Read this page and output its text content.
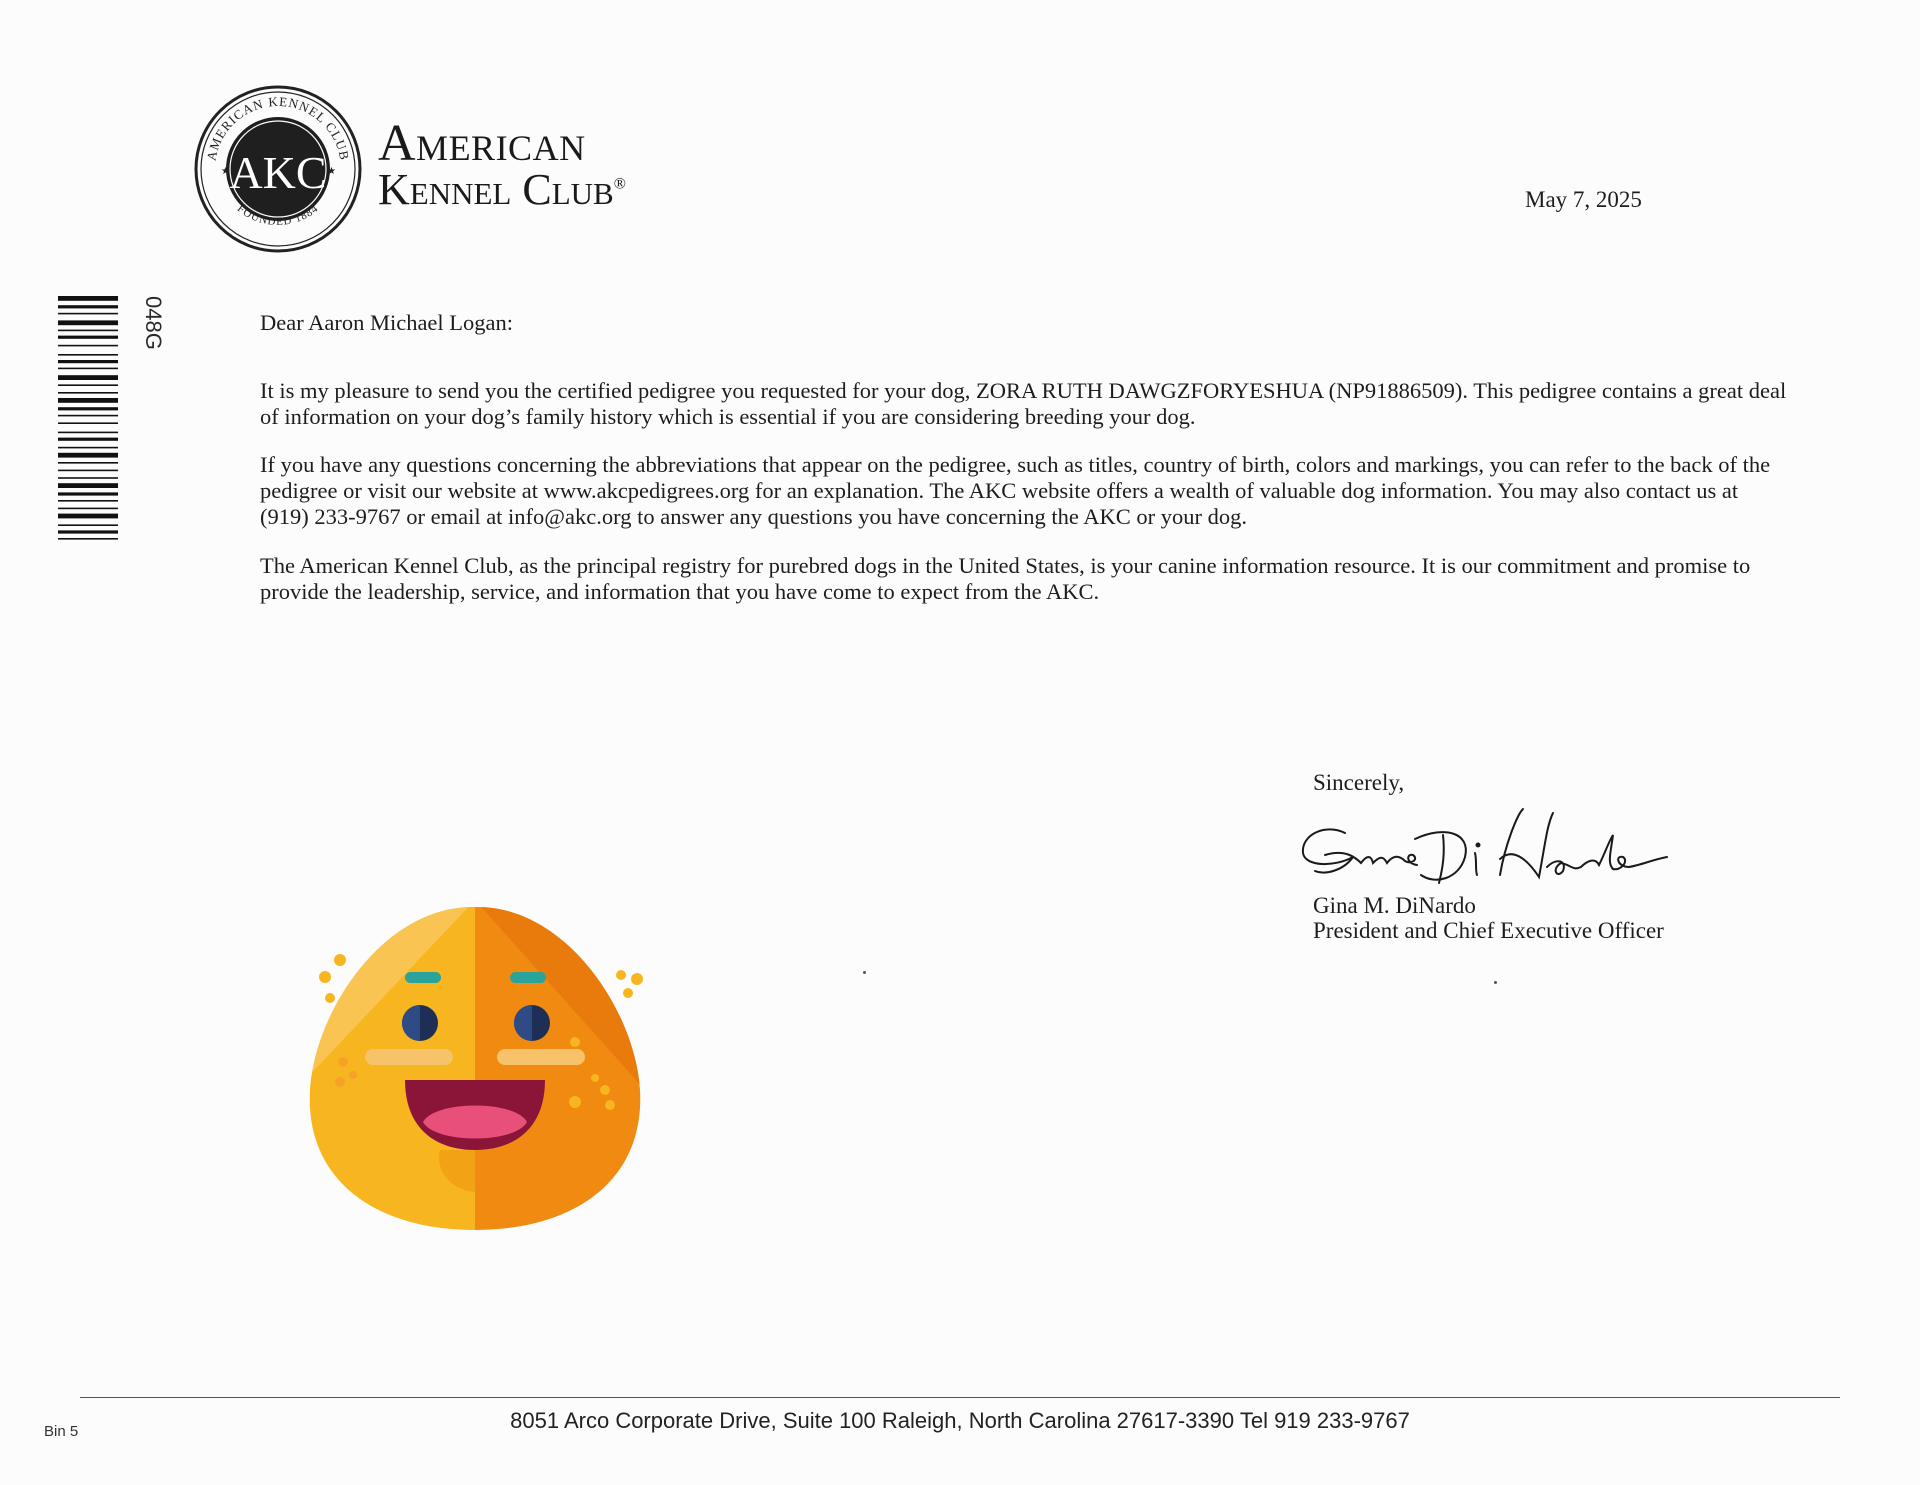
AMERICAN KENNEL CLUB
FOUNDED 1884
AKC
★	★ American
Kennel Club®
May 7, 2025
048G	Dear Aaron Michael Logan:

It is my pleasure to send you the certified pedigree you requested for your dog, ZORA RUTH DAWGZFORYESHUA (NP91886509). This pedigree contains a great deal of information on your dog’s family history which is essential if you are considering breeding your dog.

If you have any questions concerning the abbreviations that appear on the pedigree, such as titles, country of birth, colors and markings, you can refer to the back of the pedigree or visit our website at www.akcpedigrees.org for an explanation. The AKC website offers a wealth of valuable dog information. You may also contact us at (919) 233-9767 or email at info@akc.org to answer any questions you have concerning the AKC or your dog.

The American Kennel Club, as the principal registry for purebred dogs in the United States, is your canine information resource. It is our commitment and promise to provide the leadership, service, and information that you have come to expect from the AKC.

Sincerely,
Gina M. DiNardo
President and Chief Executive Officer
8051 Arco Corporate Drive, Suite 100 Raleigh, North Carolina 27617-3390 Tel 919 233-9767
Bin 5
